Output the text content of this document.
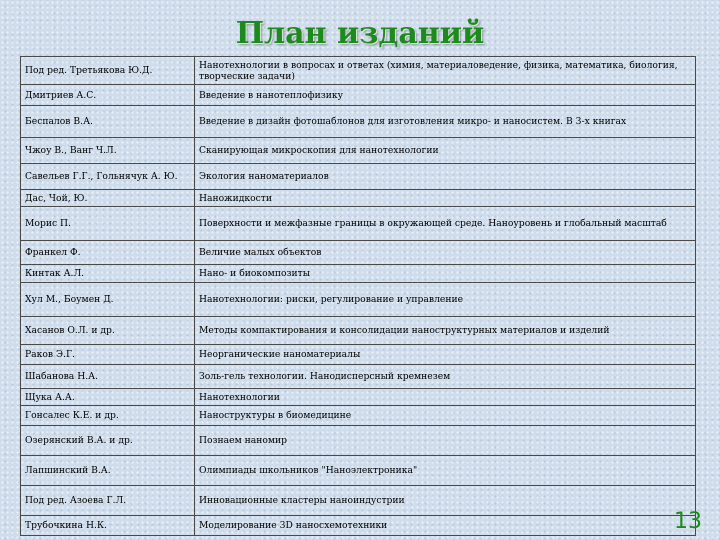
План изданий
Под ред. Третьякова Ю.Д.	Нанотехнологии в вопросах и ответах (химия, материаловедение, физика, математика, биология, творческие задачи)
Дмитриев А.С.	Введение в нанотеплофизику
Беспалов В.А.	Введение в дизайн фотошаблонов для изготовления микро- и наносистем. В 3-х книгах
Чжоу В., Ванг Ч.Л.	Сканирующая микроскопия для нанотехнологии
Савельев Г.Г., Гольнячук А. Ю.	Экология наноматериалов
Дас, Чой, Ю.	Наножидкости
Морис П.	Поверхности и межфазные границы в окружающей среде. Наноуровень и глобальный масштаб
Франкел Ф.	Величие малых объектов
Кинтак А.Л.	Нано- и биокомпозиты
Хул М., Боумен Д.	Нанотехнологии: риски, регулирование и управление
Хасанов О.Л. и др.	Методы компактирования и консолидации наноструктурных материалов и изделий
Раков Э.Г.	Неорганические наноматериалы
Шабанова Н.А.	Золь-гель технологии. Нанодисперсный кремнезем
Щука А.А.	Нанотехнологии
Гонсалес К.Е. и др.	Наноструктуры в биомедицине
Озерянский В.А. и др.	Познаем наномир
Лапшинский В.А.	Олимпиады школьников "Наноэлектроника"
Под ред. Азоева Г.Л.	Инновационные кластеры наноиндустрии
Трубочкина Н.К.	Моделирование 3D наносхемотехники	13
